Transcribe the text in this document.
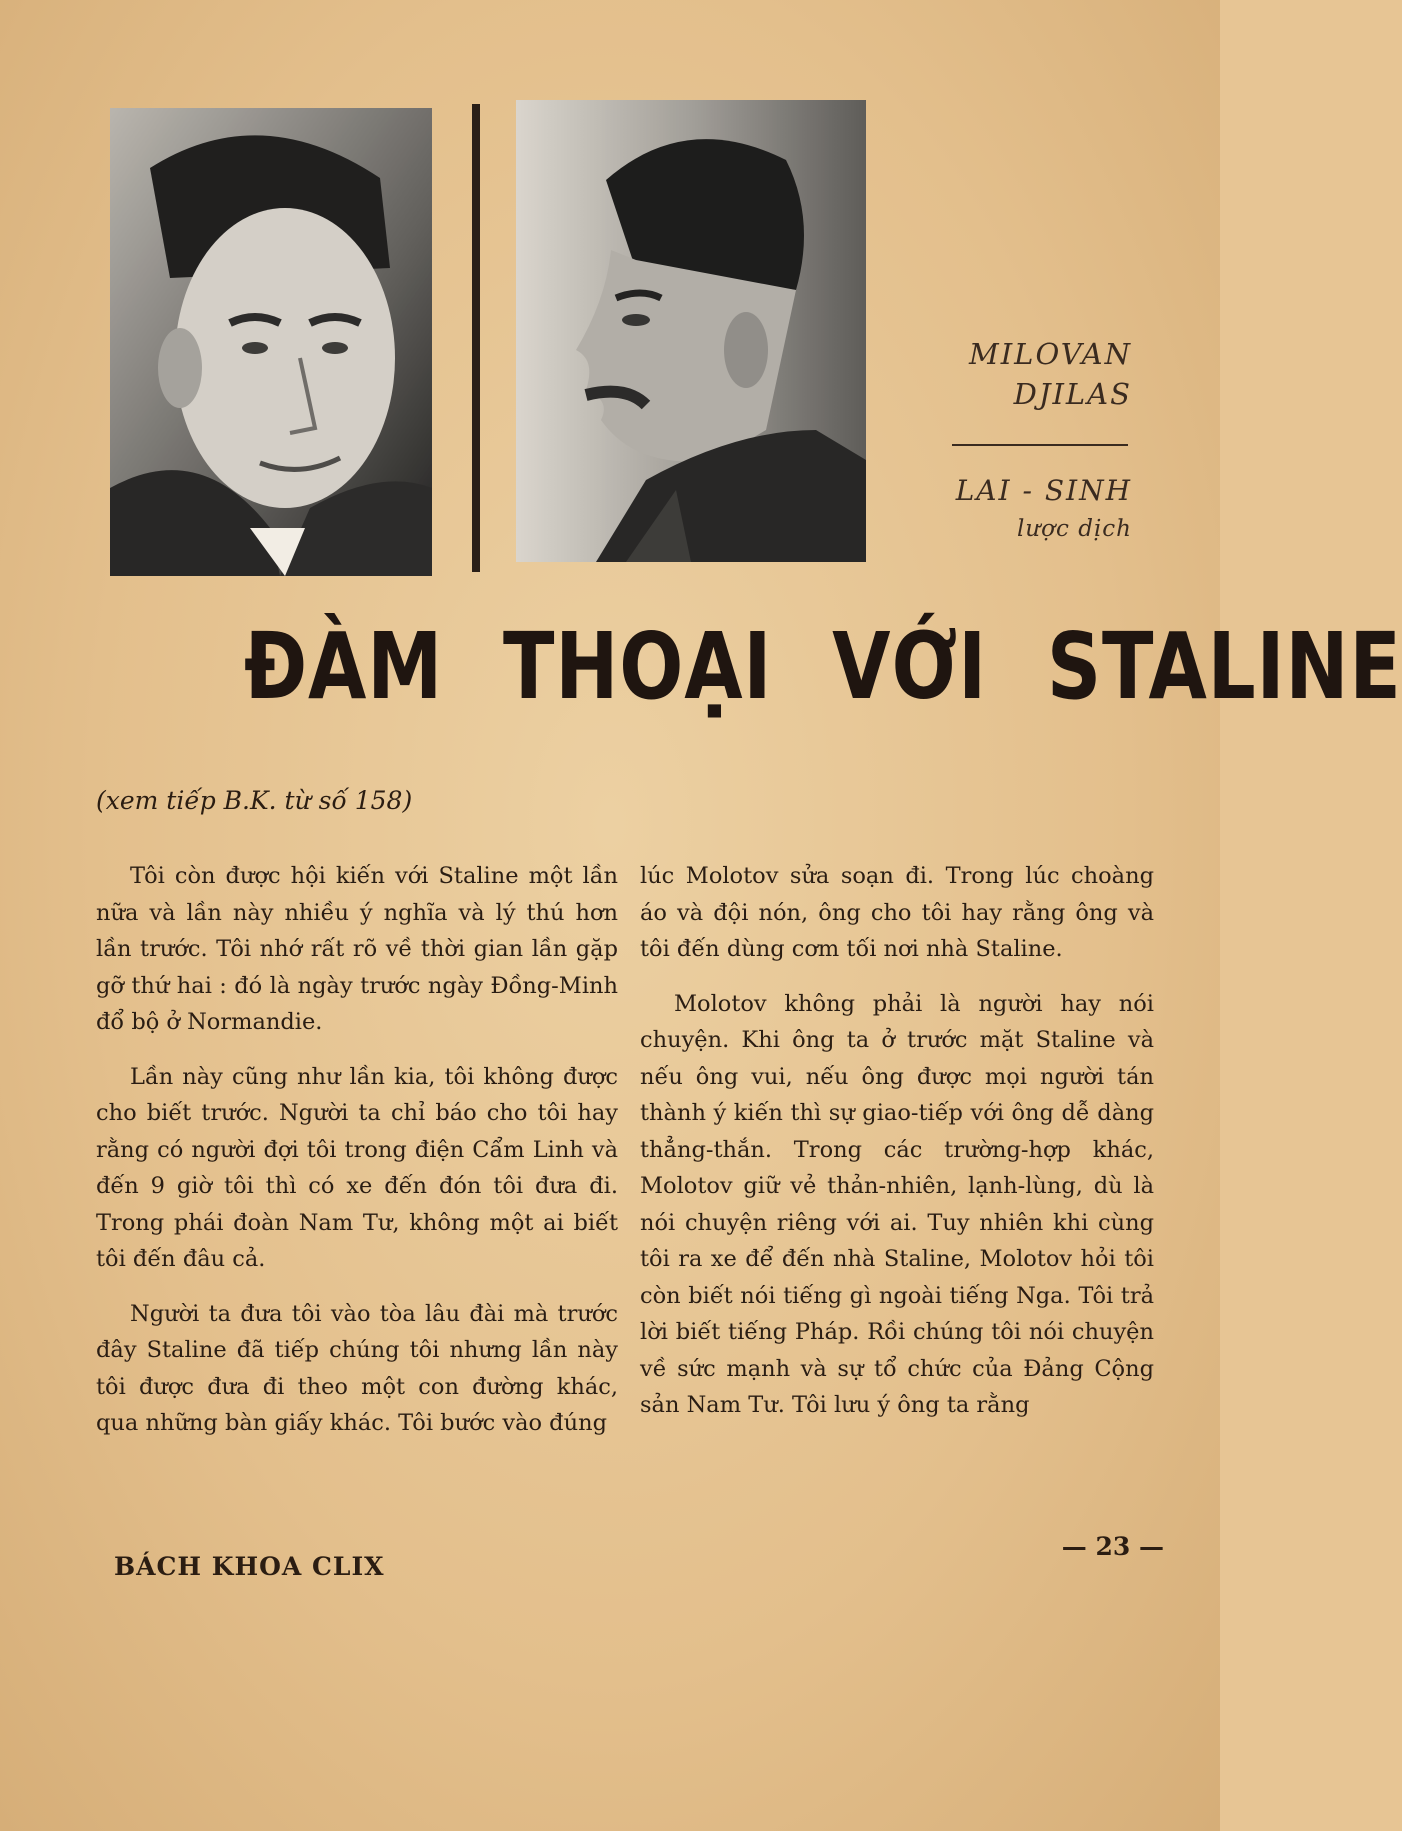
MILOVAN
DJILAS
LAI - SINH
lược dịch
ĐÀM THOẠI VỚI STALINE
(xem tiếp B.K. từ số 158)

Tôi còn được hội kiến với Staline một lần nữa và lần này nhiều ý nghĩa và lý thú hơn lần trước. Tôi nhớ rất rõ về thời gian lần gặp gỡ thứ hai : đó là ngày trước ngày Đồng-Minh đổ bộ ở Normandie.

Lần này cũng như lần kia, tôi không được cho biết trước. Người ta chỉ báo cho tôi hay rằng có người đợi tôi trong điện Cẩm Linh và đến 9 giờ tôi thì có xe đến đón tôi đưa đi. Trong phái đoàn Nam Tư, không một ai biết tôi đến đâu cả.

Người ta đưa tôi vào tòa lâu đài mà trước đây Staline đã tiếp chúng tôi nhưng lần này tôi được đưa đi theo một con đường khác, qua những bàn giấy khác. Tôi bước vào đúng

lúc Molotov sửa soạn đi. Trong lúc choàng áo và đội nón, ông cho tôi hay rằng ông và tôi đến dùng cơm tối nơi nhà Staline.

Molotov không phải là người hay nói chuyện. Khi ông ta ở trước mặt Staline và nếu ông vui, nếu ông được mọi người tán thành ý kiến thì sự giao-tiếp với ông dễ dàng thẳng-thắn. Trong các trường-hợp khác, Molotov giữ vẻ thản-nhiên, lạnh-lùng, dù là nói chuyện riêng với ai. Tuy nhiên khi cùng tôi ra xe để đến nhà Staline, Molotov hỏi tôi còn biết nói tiếng gì ngoài tiếng Nga. Tôi trả lời biết tiếng Pháp. Rồi chúng tôi nói chuyện về sức mạnh và sự tổ chức của Đảng Cộng sản Nam Tư. Tôi lưu ý ông ta rằng

BÁCH KHOA CLIX
— 23 —
